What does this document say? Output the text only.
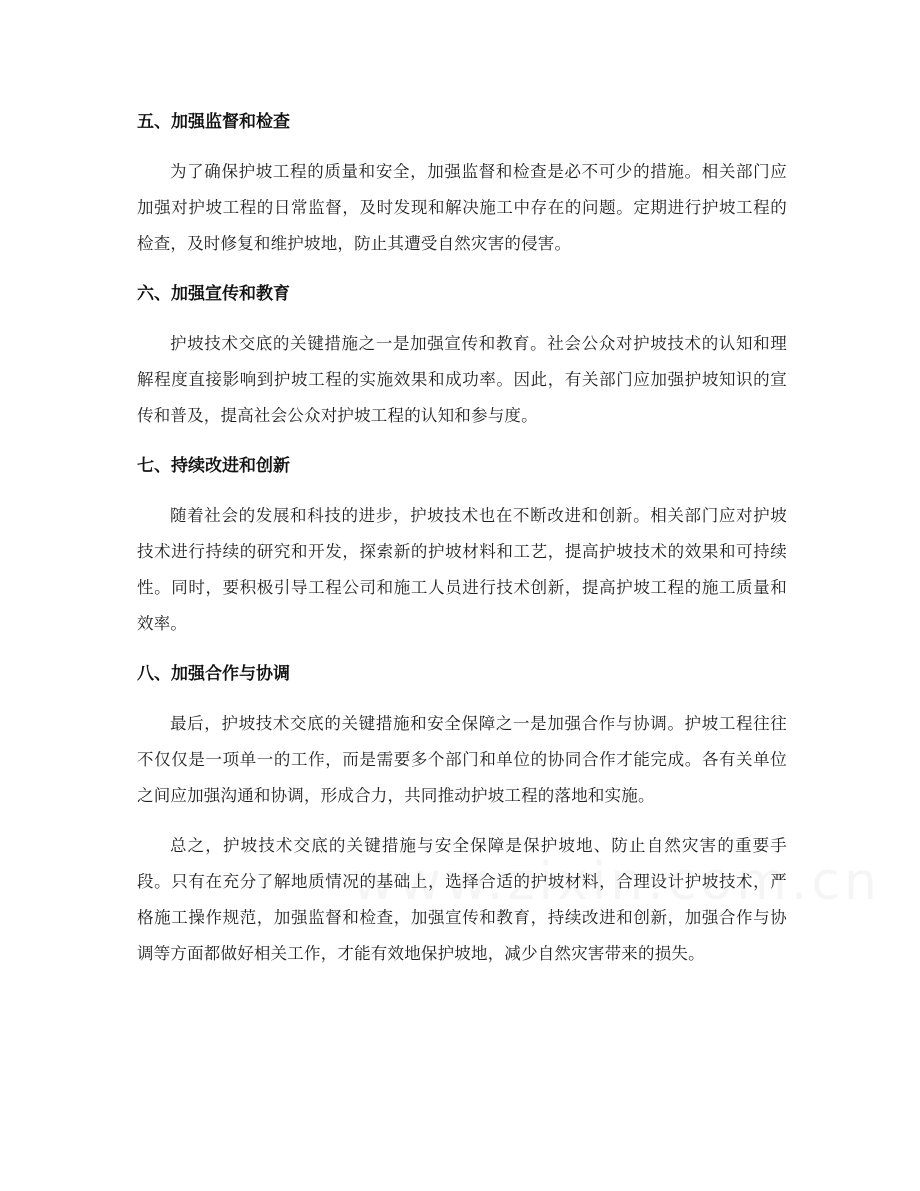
五、加强监督和检查

为了确保护坡工程的质量和安全，加强监督和检查是必不可少的措施。相关部门应加强对护坡工程的日常监督，及时发现和解决施工中存在的问题。定期进行护坡工程的检查，及时修复和维护坡地，防止其遭受自然灾害的侵害。

六、加强宣传和教育

护坡技术交底的关键措施之一是加强宣传和教育。社会公众对护坡技术的认知和理解程度直接影响到护坡工程的实施效果和成功率。因此，有关部门应加强护坡知识的宣传和普及，提高社会公众对护坡工程的认知和参与度。

七、持续改进和创新

随着社会的发展和科技的进步，护坡技术也在不断改进和创新。相关部门应对护坡技术进行持续的研究和开发，探索新的护坡材料和工艺，提高护坡技术的效果和可持续性。同时，要积极引导工程公司和施工人员进行技术创新，提高护坡工程的施工质量和效率。

八、加强合作与协调

最后，护坡技术交底的关键措施和安全保障之一是加强合作与协调。护坡工程往往不仅仅是一项单一的工作，而是需要多个部门和单位的协同合作才能完成。各有关单位之间应加强沟通和协调，形成合力，共同推动护坡工程的落地和实施。

总之，护坡技术交底的关键措施与安全保障是保护坡地、防止自然灾害的重要手段。只有在充分了解地质情况的基础上，选择合适的护坡材料，合理设计护坡技术，严格施工操作规范，加强监督和检查，加强宣传和教育，持续改进和创新，加强合作与协调等方面都做好相关工作，才能有效地保护坡地，减少自然灾害带来的损失。
